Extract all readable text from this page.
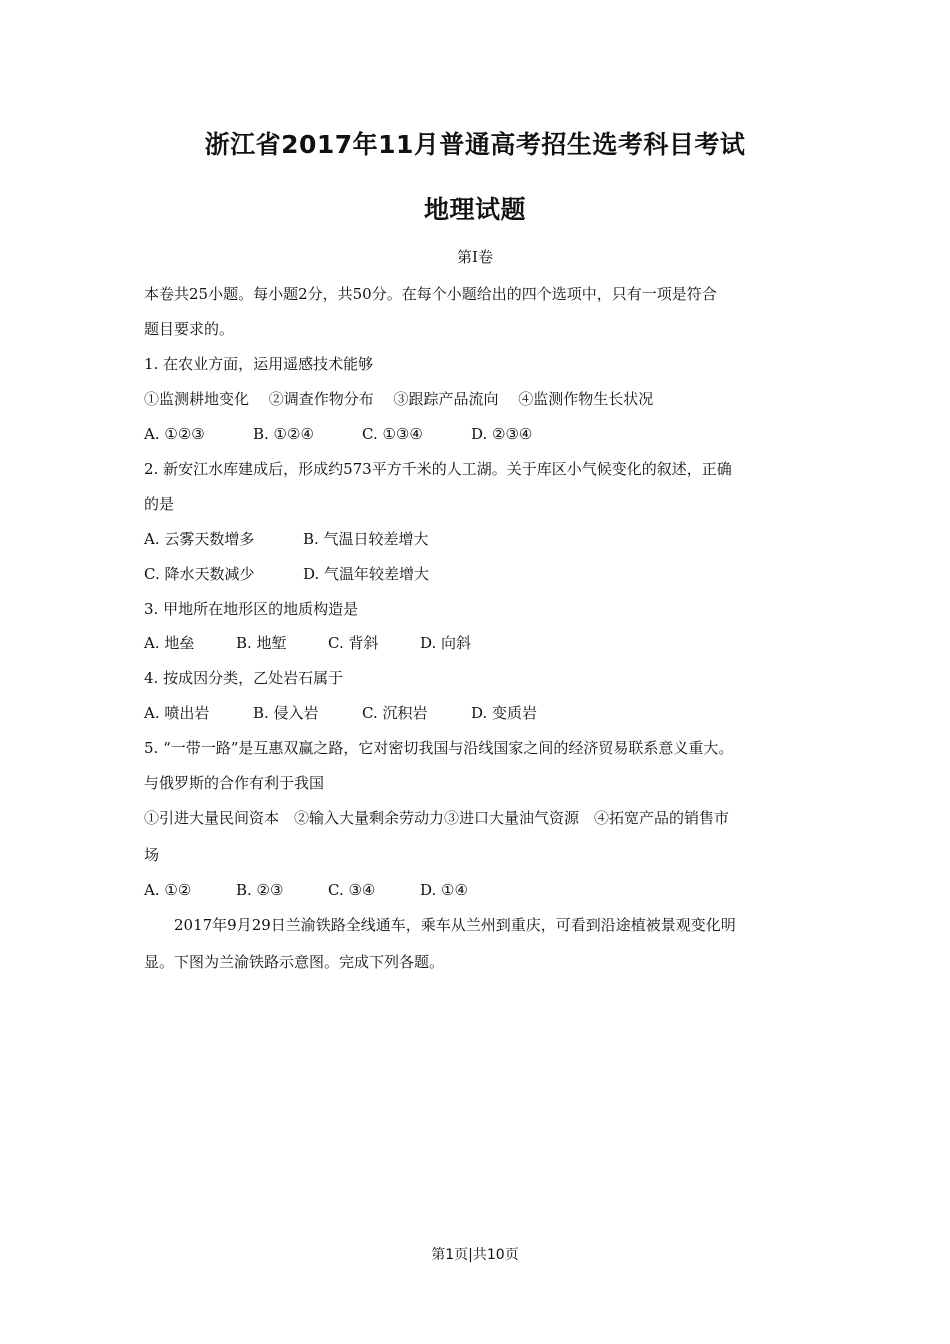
浙江省2017年11月普通高考招生选考科目考试
地理试题
第Ⅰ卷
本卷共25小题。每小题2分，共50分。在每个小题给出的四个选项中，只有一项是符合
题目要求的。
1. 在农业方面，运用遥感技术能够
①监测耕地变化　 ②调查作物分布　 ③跟踪产品流向　 ④监测作物生长状况
A. ①②③	B. ①②④	C. ①③④	D. ②③④
2. 新安江水库建成后，形成约573平方千米的人工湖。关于库区小气候变化的叙述，正确
的是
A. 云雾天数增多	B. 气温日较差增大
C. 降水天数减少	D. 气温年较差增大
3. 甲地所在地形区的地质构造是
A. 地垒	B. 地堑	C. 背斜	D. 向斜
4. 按成因分类，乙处岩石属于
A. 喷出岩	B. 侵入岩	C. 沉积岩	D. 变质岩
5. “一带一路”是互惠双赢之路，它对密切我国与沿线国家之间的经济贸易联系意义重大。
与俄罗斯的合作有利于我国
①引进大量民间资本　②输入大量剩余劳动力③进口大量油气资源　④拓宽产品的销售市
场
A. ①②	B. ②③	C. ③④	D. ①④
2017年9月29日兰渝铁路全线通车，乘车从兰州到重庆，可看到沿途植被景观变化明
显。下图为兰渝铁路示意图。完成下列各题。
第1页|共10页
